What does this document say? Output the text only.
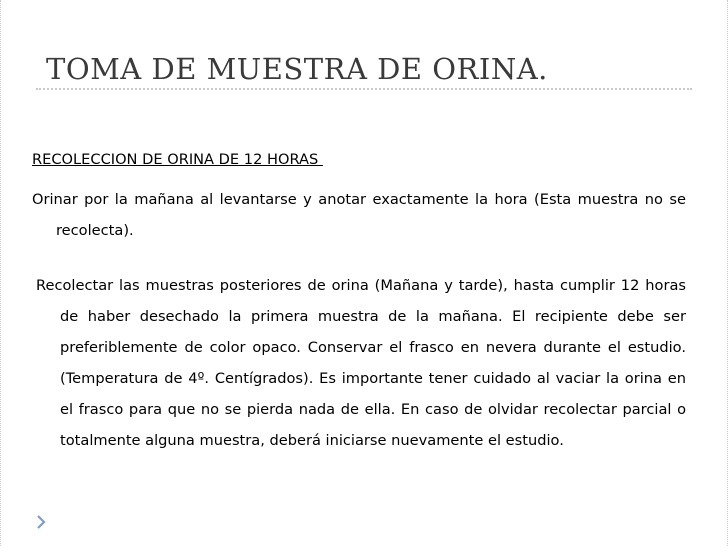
TOMA DE MUESTRA DE ORINA.

RECOLECCION DE ORINA DE 12 HORAS

Orinar por la mañana al levantarse y anotar exactamente la hora (Esta muestra no se
recolecta).
Recolectar las muestras posteriores de orina (Mañana y tarde), hasta cumplir 12 horas
de haber desechado la primera muestra de la mañana. El recipiente debe ser
preferiblemente de color opaco. Conservar el frasco en nevera durante el estudio.
(Temperatura de 4º. Centígrados). Es importante tener cuidado al vaciar la orina en
el frasco para que no se pierda nada de ella. En caso de olvidar recolectar parcial o
totalmente alguna muestra, deberá iniciarse nuevamente el estudio.
